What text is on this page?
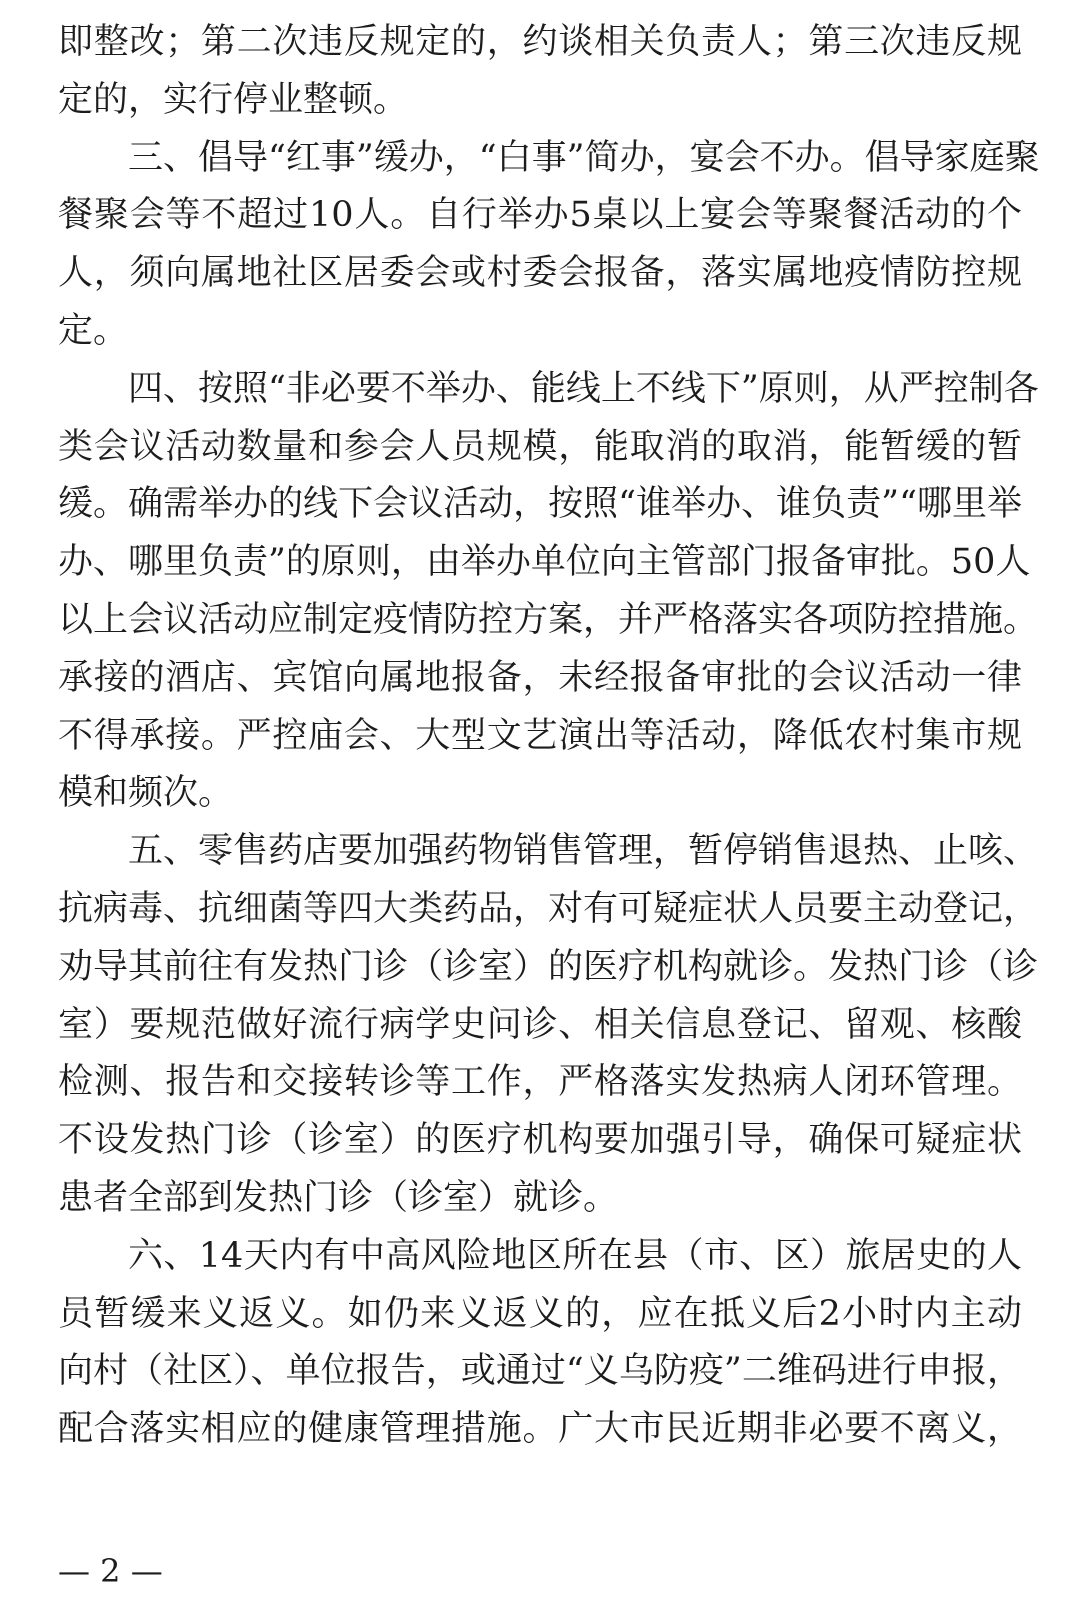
即整改；第二次违反规定的，约谈相关负责人；第三次违反规
定的，实行停业整顿。
三、倡导“红事”缓办，“白事”简办，宴会不办。倡导家庭聚
餐聚会等不超过10人。自行举办5桌以上宴会等聚餐活动的个
人，须向属地社区居委会或村委会报备，落实属地疫情防控规
定。
四、按照“非必要不举办、能线上不线下”原则，从严控制各
类会议活动数量和参会人员规模，能取消的取消，能暂缓的暂
缓。确需举办的线下会议活动，按照“谁举办、谁负责”“哪里举
办、哪里负责”的原则，由举办单位向主管部门报备审批。50人
以上会议活动应制定疫情防控方案，并严格落实各项防控措施。
承接的酒店、宾馆向属地报备，未经报备审批的会议活动一律
不得承接。严控庙会、大型文艺演出等活动，降低农村集市规
模和频次。
五、零售药店要加强药物销售管理，暂停销售退热、止咳、
抗病毒、抗细菌等四大类药品，对有可疑症状人员要主动登记，
劝导其前往有发热门诊（诊室）的医疗机构就诊。发热门诊（诊
室）要规范做好流行病学史问诊、相关信息登记、留观、核酸
检测、报告和交接转诊等工作，严格落实发热病人闭环管理。
不设发热门诊（诊室）的医疗机构要加强引导，确保可疑症状
患者全部到发热门诊（诊室）就诊。
六、14天内有中高风险地区所在县（市、区）旅居史的人
员暂缓来义返义。如仍来义返义的，应在抵义后2小时内主动
向村（社区）、单位报告，或通过“义乌防疫”二维码进行申报，
配合落实相应的健康管理措施。广大市民近期非必要不离义，
— 2 —
